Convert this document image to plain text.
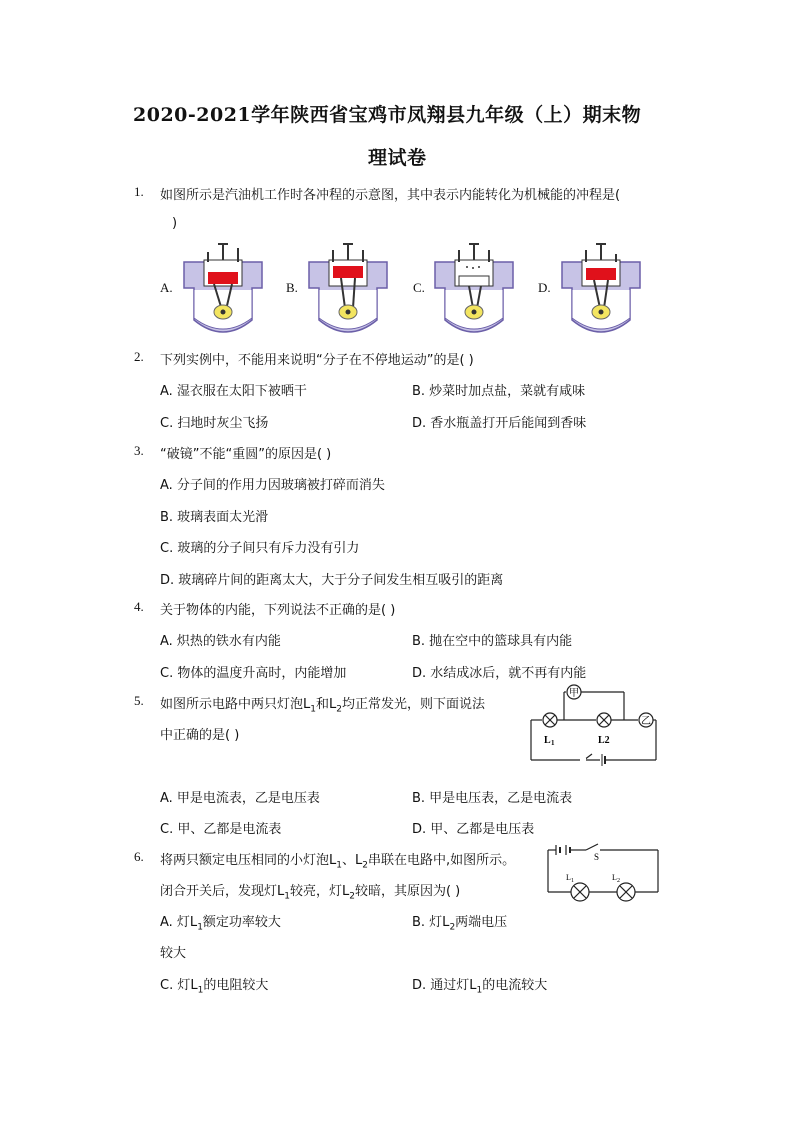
2020-2021学年陕西省宝鸡市凤翔县九年级（上）期末物
理试卷
1. 如图所示是汽油机工作时各冲程的示意图，其中表示内能转化为机械能的冲程是(
)
A.	B.	C.	D.
2. 下列实例中，不能用来说明“分子在不停地运动”的是( )
A. 湿衣服在太阳下被晒干	B. 炒菜时加点盐，菜就有咸味
C. 扫地时灰尘飞扬	D. 香水瓶盖打开后能闻到香味
3. “破镜”不能“重圆”的原因是( )
A. 分子间的作用力因玻璃被打碎而消失
B. 玻璃表面太光滑
C. 玻璃的分子间只有斥力没有引力
D. 玻璃碎片间的距离太大，大于分子间发生相互吸引的距离
4. 关于物体的内能，下列说法不正确的是( )
A. 炽热的铁水有内能	B. 抛在空中的篮球具有内能
C. 物体的温度升高时，内能增加	D. 水结成冰后，就不再有内能
5. 如图所示电路中两只灯泡$L_1$和$L_2$均正常发光，则下面说法
中正确的是( )
甲
乙
L 1	L2
A. 甲是电流表，乙是电压表	B. 甲是电压表，乙是电流表
C. 甲、乙都是电流表	D. 甲、乙都是电压表
6. 将两只额定电压相同的小灯泡$L_1$、$L_2$串联在电路中,如图所示。
闭合开关后，发现灯$L_1$较亮，灯$L_2$较暗，其原因为( )
S
L 1	L 2
A. 灯$L_1$额定功率较大	B. 灯$L_2$两端电压
较大
C. 灯$L_1$的电阻较大	D. 通过灯$L_1$的电流较大
